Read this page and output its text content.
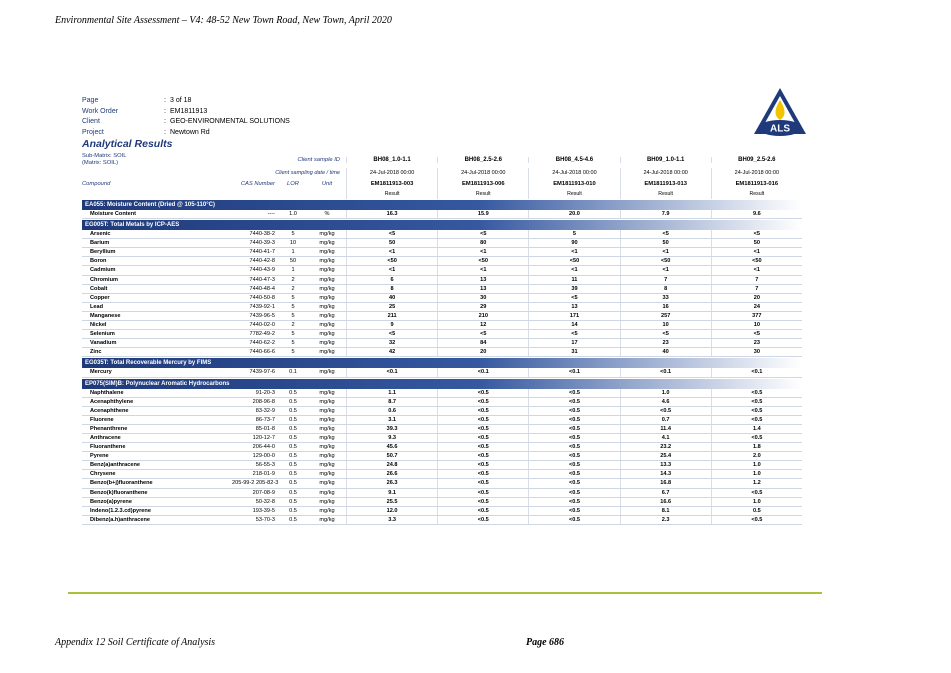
Environmental Site Assessment – V4: 48-52 New Town Road, New Town, April 2020
Page	: 3 of 18
Work Order	: EM1811913
Client	: GEO-ENVIRONMENTAL SOLUTIONS
Project	: Newtown Rd	ALS
Analytical Results
Sub-Matrix: SOIL
(Matrix: SOIL)	Client sample ID	BH08_1.0-1.1	BH08_2.5-2.6	BH08_4.5-4.6	BH09_1.0-1.1	BH09_2.5-2.6
Client sampling date / time	24-Jul-2018 00:00	24-Jul-2018 00:00	24-Jul-2018 00:00	24-Jul-2018 00:00	24-Jul-2018 00:00
Compound	CAS Number	LOR	Unit	EM1811913-003	EM1811913-006	EM1811913-010	EM1811913-013	EM1811913-016
Result	Result	Result	Result	Result
EA055: Moisture Content (Dried @ 105-110°C)
Moisture Content	----	1.0	%	16.3	15.9	20.0	7.9	9.6
EG005T: Total Metals by ICP-AES
Arsenic	7440-38-2	5	mg/kg	<5	<5	5	<5	<5
Barium	7440-39-3	10	mg/kg	50	80	90	50	50
Beryllium	7440-41-7	1	mg/kg	<1	<1	<1	<1	<1
Boron	7440-42-8	50	mg/kg	<50	<50	<50	<50	<50
Cadmium	7440-43-9	1	mg/kg	<1	<1	<1	<1	<1
Chromium	7440-47-3	2	mg/kg	6	13	11	7	7
Cobalt	7440-48-4	2	mg/kg	8	13	39	8	7
Copper	7440-50-8	5	mg/kg	40	30	<5	33	20
Lead	7439-92-1	5	mg/kg	25	29	13	16	24
Manganese	7439-96-5	5	mg/kg	211	210	171	257	377
Nickel	7440-02-0	2	mg/kg	9	12	14	10	10
Selenium	7782-49-2	5	mg/kg	<5	<5	<5	<5	<5
Vanadium	7440-62-2	5	mg/kg	32	84	17	23	23
Zinc	7440-66-6	5	mg/kg	42	20	31	40	30
EG035T: Total Recoverable Mercury by FIMS
Mercury	7439-97-6	0.1	mg/kg	<0.1	<0.1	<0.1	<0.1	<0.1
EP075(SIM)B: Polynuclear Aromatic Hydrocarbons
Naphthalene	91-20-3	0.5	mg/kg	1.1	<0.5	<0.5	1.0	<0.5
Acenaphthylene	208-96-8	0.5	mg/kg	8.7	<0.5	<0.5	4.6	<0.5
Acenaphthene	83-32-9	0.5	mg/kg	0.6	<0.5	<0.5	<0.5	<0.5
Fluorene	86-73-7	0.5	mg/kg	3.1	<0.5	<0.5	0.7	<0.5
Phenanthrene	85-01-8	0.5	mg/kg	39.3	<0.5	<0.5	11.4	1.4
Anthracene	120-12-7	0.5	mg/kg	9.3	<0.5	<0.5	4.1	<0.5
Fluoranthene	206-44-0	0.5	mg/kg	45.6	<0.5	<0.5	23.2	1.8
Pyrene	129-00-0	0.5	mg/kg	50.7	<0.5	<0.5	25.4	2.0
Benz(a)anthracene	56-55-3	0.5	mg/kg	24.8	<0.5	<0.5	13.3	1.0
Chrysene	218-01-9	0.5	mg/kg	26.6	<0.5	<0.5	14.3	1.0
Benzo(b+j)fluoranthene	205-99-2 205-82-3	0.5	mg/kg	26.3	<0.5	<0.5	16.8	1.2
Benzo(k)fluoranthene	207-08-9	0.5	mg/kg	9.1	<0.5	<0.5	6.7	<0.5
Benzo(a)pyrene	50-32-8	0.5	mg/kg	25.5	<0.5	<0.5	16.6	1.0
Indeno(1.2.3.cd)pyrene	193-39-5	0.5	mg/kg	12.0	<0.5	<0.5	8.1	0.5
Dibenz(a.h)anthracene	53-70-3	0.5	mg/kg	3.3	<0.5	<0.5	2.3	<0.5
Appendix 12 Soil Certificate of Analysis	Page 686
